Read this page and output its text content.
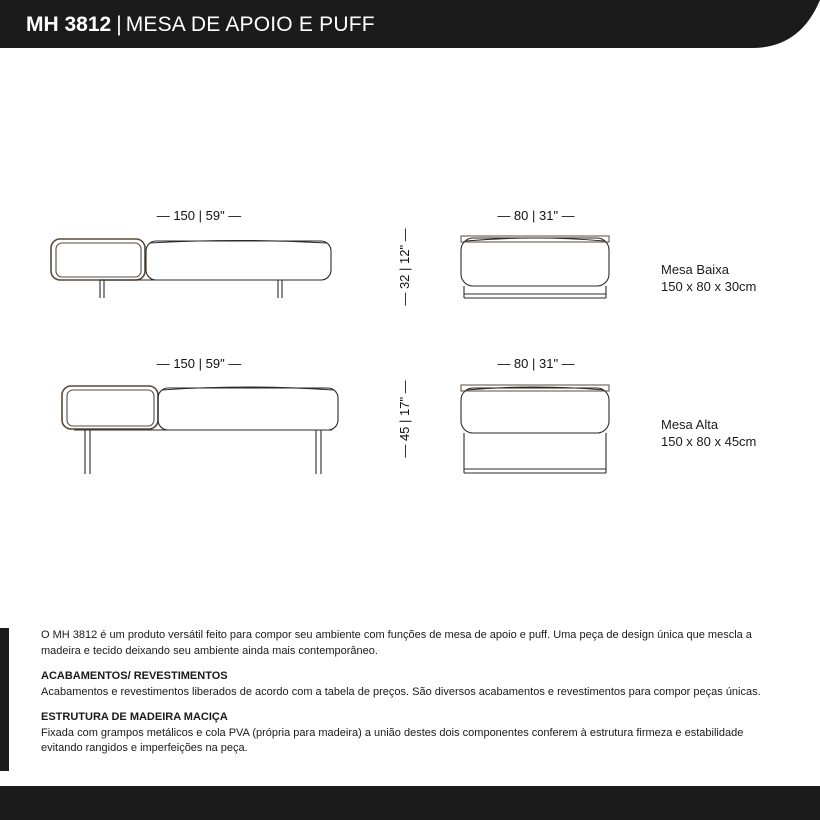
MH 3812 | MESA DE APOIO E PUFF
— 150 | 59" —	— 80 | 31" —
— 32 | 12" —
— 150 | 59" —	— 80 | 31" —
— 45 | 17" —
Mesa Baixa
150 x 80 x 30cm
Mesa Alta
150 x 80 x 45cm

O MH 3812 é um produto versátil feito para compor seu ambiente com funções de mesa de apoio e puff. Uma peça de design única que mescla a madeira e tecido deixando seu ambiente ainda mais contemporâneo.

ACABAMENTOS/ REVESTIMENTOS

Acabamentos e revestimentos liberados de acordo com a tabela de preços. São diversos acabamentos e revestimentos para compor peças únicas.

ESTRUTURA DE MADEIRA MACIÇA

Fixada com grampos metálicos e cola PVA (própria para madeira) a união destes dois componentes conferem à estrutura firmeza e estabilidade evitando rangidos e imperfeições na peça.
